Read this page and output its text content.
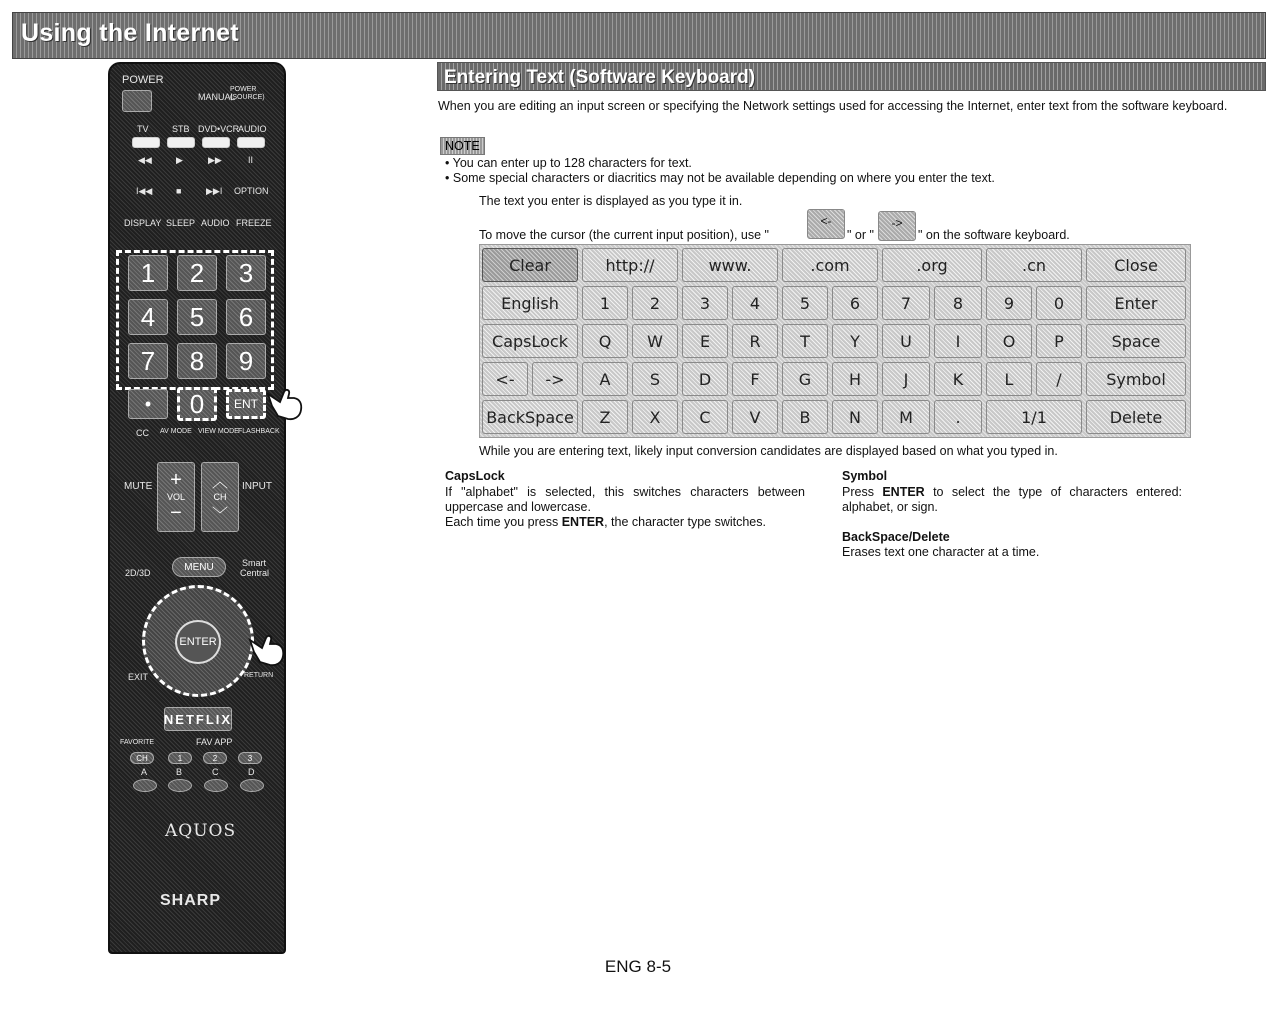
Using the Internet
POWER
MANUAL
POWER (SOURCE)
TV	STB DVD•VCR
AUDIO
◀◀	▶	▶▶	II
I◀◀	■	▶▶I OPTION
DISPLAY SLEEP AUDIO FREEZE
1	2	3
4	5	6
7	8	9
•	0	ENT
CC AV MODE VIEW MODE FLASHBACK
MUTE +
VOL
−
︿
CH
﹀
INPUT
2D/3D
MENU	Smart
Central
ENTER
EXIT	RETURN
NETFLIX
FAVORITE	FAV APP
CH	1	2	3
A	B	C	D
AQUOS
SHARP
Entering Text (Software Keyboard)
When you are editing an input screen or specifying the Network settings used for accessing the Internet, enter text from the software keyboard.
NOTE
• You can enter up to 128 characters for text.
• Some special characters or diacritics may not be available depending on where you enter the text.
The text you enter is displayed as you type it in.
To move the cursor (the current input position), use "
<-
" or "
->
" on the software keyboard.
Clear	http://	www.	.com	.org	.cn	Close
English	1	2	3	4	5	6	7	8	9	0	Enter
CapsLock	Q	W	E	R	T	Y	U	I	O	P	Space
<-	->	A	S	D	F	G	H	J	K	L	/	Symbol
BackSpace	Z	X	C	V	B	N	M	.	1/1	Delete
While you are entering text, likely input conversion candidates are displayed based on what you typed in.
CapsLock
If "alphabet" is selected, this switches characters between uppercase and lowercase.
Each time you press ENTER, the character type switches.
Symbol
Press ENTER to select the type of characters entered: alphabet, or sign.
BackSpace/Delete
Erases text one character at a time.
ENG 8-5
